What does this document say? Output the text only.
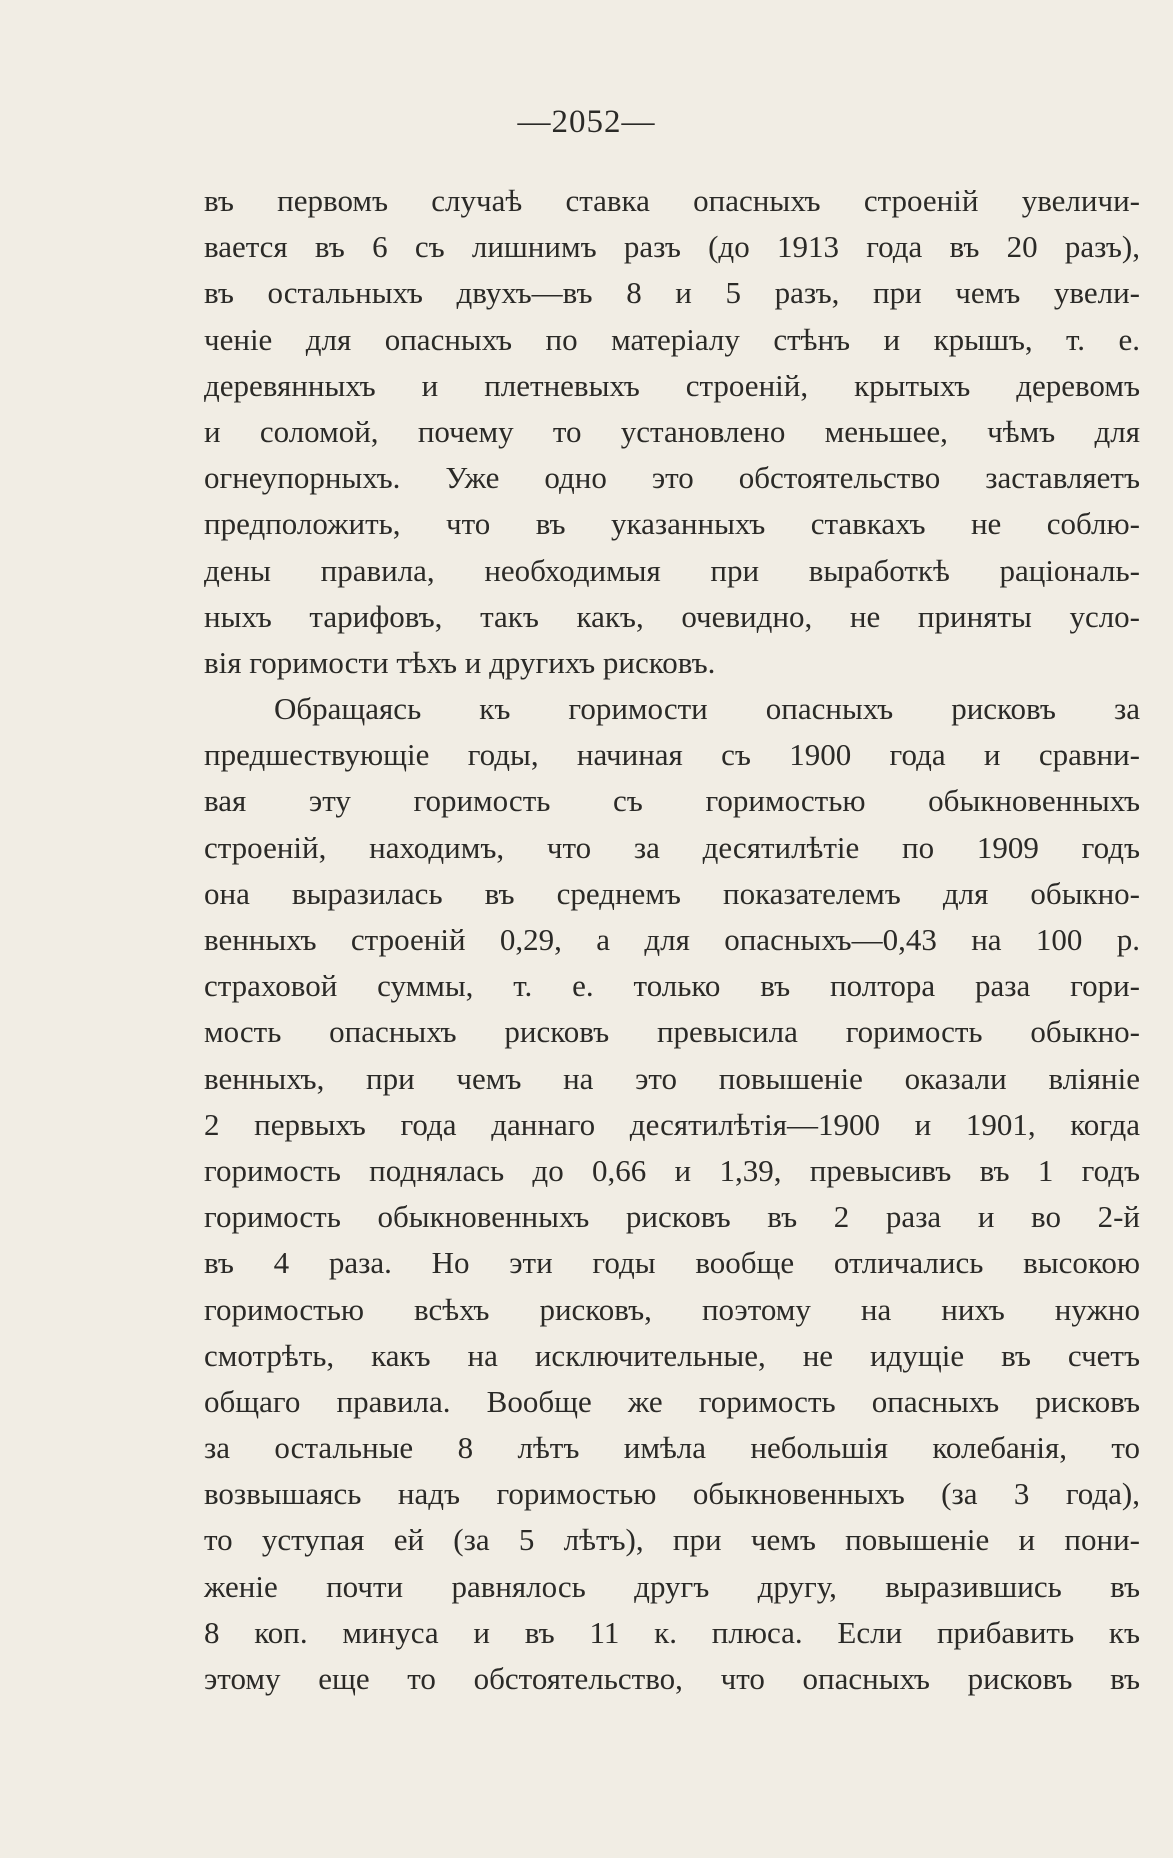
—2052—
въ первомъ случаѣ ставка опасныхъ строеній увеличи-
вается въ 6 съ лишнимъ разъ (до 1913 года въ 20 разъ),
въ остальныхъ двухъ—въ 8 и 5 разъ, при чемъ увели-
ченіе для опасныхъ по матеріалу стѣнъ и крышъ, т. е.
деревянныхъ и плетневыхъ строеній, крытыхъ деревомъ
и соломой, почему то установлено меньшее, чѣмъ для
огнеупорныхъ. Уже одно это обстоятельство заставляетъ
предположить, что въ указанныхъ ставкахъ не соблю-
дены правила, необходимыя при выработкѣ раціональ-
ныхъ тарифовъ, такъ какъ, очевидно, не приняты усло-
вія горимости тѣхъ и другихъ рисковъ.
Обращаясь къ горимости опасныхъ рисковъ за
предшествующіе годы, начиная съ 1900 года и сравни-
вая эту горимость съ горимостью обыкновенныхъ
строеній, находимъ, что за десятилѣтіе по 1909 годъ
она выразилась въ среднемъ показателемъ для обыкно-
венныхъ строеній 0,29, а для опасныхъ—0,43 на 100 р.
страховой суммы, т. е. только въ полтора раза гори-
мость опасныхъ рисковъ превысила горимость обыкно-
венныхъ, при чемъ на это повышеніе оказали вліяніе
2 первыхъ года даннаго десятилѣтія—1900 и 1901, когда
горимость поднялась до 0,66 и 1,39, превысивъ въ 1 годъ
горимость обыкновенныхъ рисковъ въ 2 раза и во 2-й
въ 4 раза. Но эти годы вообще отличались высокою
горимостью всѣхъ рисковъ, поэтому на нихъ нужно
смотрѣть, какъ на исключительные, не идущіе въ счетъ
общаго правила. Вообще же горимость опасныхъ рисковъ
за остальные 8 лѣтъ имѣла небольшія колебанія, то
возвышаясь надъ горимостью обыкновенныхъ (за 3 года),
то уступая ей (за 5 лѣтъ), при чемъ повышеніе и пони-
женіе почти равнялось другъ другу, выразившись въ
8 коп. минуса и въ 11 к. плюса. Если прибавить къ
этому еще то обстоятельство, что опасныхъ рисковъ въ
